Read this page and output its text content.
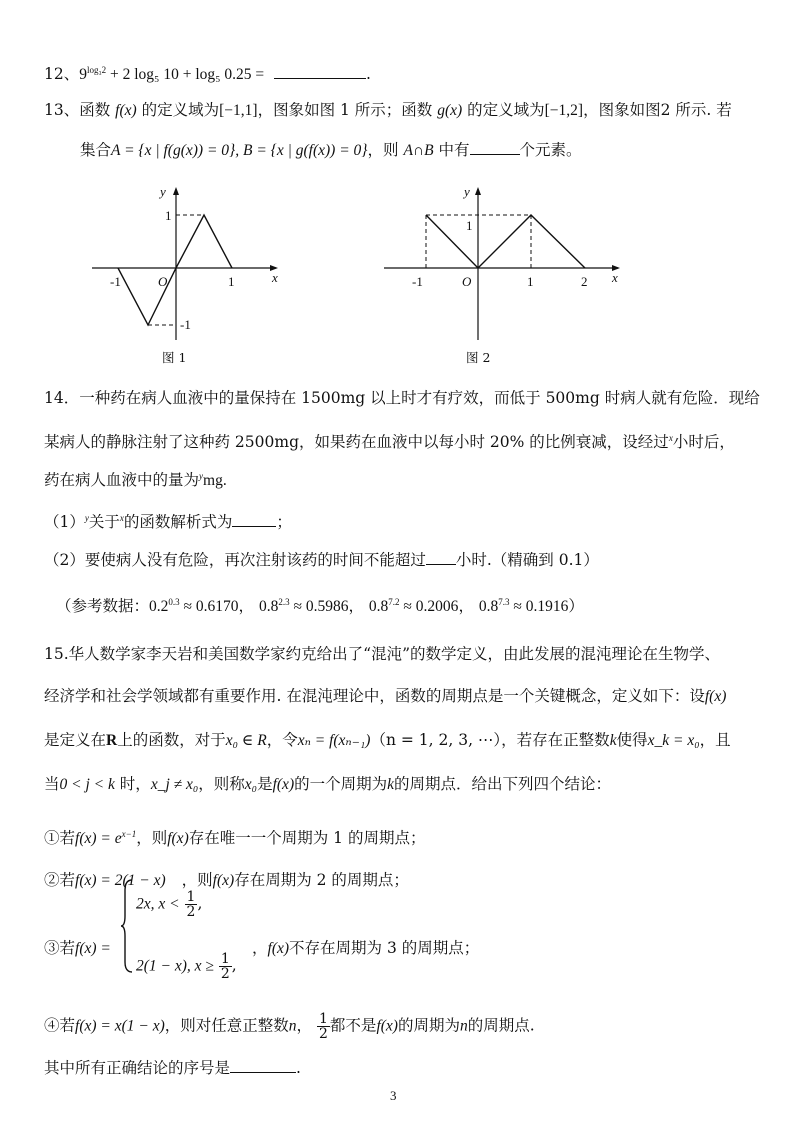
12、$9^{log_32} + 2$ log₅ 10 + log₅ 0.25 =	.
13、函数 f(x) 的定义域为[−1,1]，图象如图 1 所示；函数 g(x) 的定义域为[−1,2]，图象如图2 所示. 若
集合A = {x | f(g(x)) = 0}, B = {x | g(f(x)) = 0}，则 A∩B 中有	个元素。
y
x
-1	O	1
1
-1
图 1
y
x
-1	O	1	2
1
图 2
14．一种药在病人血液中的量保持在 1500mg 以上时才有疗效，而低于 500mg 时病人就有危险．现给
某病人的静脉注射了这种药 2500mg，如果药在血液中以每小时 20% 的比例衰减，设经过$^x$小时后，
药在病人血液中的量为$^y$mg.
$(1)^y$关于$^x$的函数解析式为	；
（2）要使病人没有危险，再次注射该药的时间不能超过 小时.（精确到 0.1）
（参考数据：$0.2^{0.3} \approx 0.6170$， $0.8^{2.3} \approx 0.5986$， $0.8^{7.2} \approx 0.2006$， $0.8^{7.3} \approx 0.1916$）
15.华人数学家李天岩和美国数学家约克给出了“混沌”的数学定义，由此发展的混沌理论在生物学、
经济学和社会学领域都有重要作用. 在混沌理论中，函数的周期点是一个关键概念，定义如下：设f(x)
是定义在R上的函数，对于x₀ ∈ R，令xₙ = f(xₙ₋₁)（n = 1, 2, 3, ⋯），若存在正整数k使得x_k = x₀，且
当0 < j < k 时，x_j ≠ x₀，则称x₀是f(x)的一个周期为k的周期点．给出下列四个结论：
①若$f(x) = e^{x-1}$，则f(x)存在唯一一个周期为 1 的周期点；
②若f(x) = 2(1 − x) ，则f(x)存在周期为 2 的周期点；
③若f(x) =
2x, $x < \frac{1}{2}$ ,
2(1 − x), $x \ge \frac{1}{2}$ ,
，f(x)不存在周期为 3 的周期点；
④若f(x) = x(1 − x)，则对任意正整数n， $\frac{1}{2}$ 都不是f(x)的周期为n的周期点.
其中所有正确结论的序号是	.
3
